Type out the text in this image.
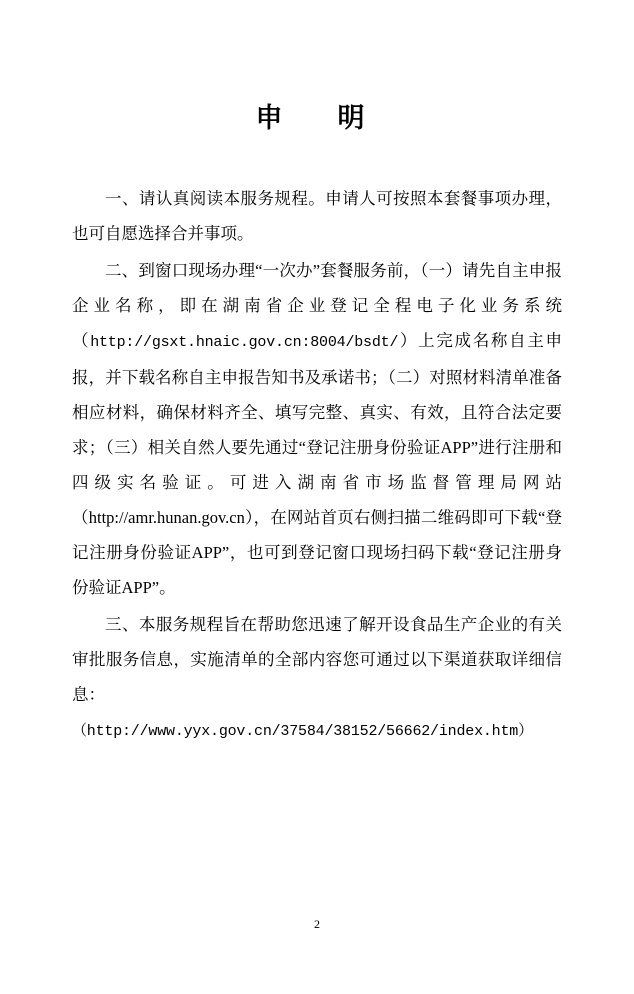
申　明

一、请认真阅读本服务规程。申请人可按照本套餐事项办理，也可自愿选择合并事项。

二、到窗口现场办理“一次办”套餐服务前，（一）请先自主申报企业名称，即在湖南省企业登记全程电子化业务系统（http://gsxt.hnaic.gov.cn:8004/bsdt/）上完成名称自主申报，并下载名称自主申报告知书及承诺书；（二）对照材料清单准备相应材料，确保材料齐全、填写完整、真实、有效，且符合法定要求；（三）相关自然人要先通过“登记注册身份验证APP”进行注册和四级实名验证。可进入湖南省市场监督管理局网站（http://amr.hunan.gov.cn），在网站首页右侧扫描二维码即可下载“登记注册身份验证APP”，也可到登记窗口现场扫码下载“登记注册身份验证APP”。

三、本服务规程旨在帮助您迅速了解开设食品生产企业的有关审批服务信息，实施清单的全部内容您可通过以下渠道获取详细信息：

（http://www.yyx.gov.cn/37584/38152/56662/index.htm）

2
